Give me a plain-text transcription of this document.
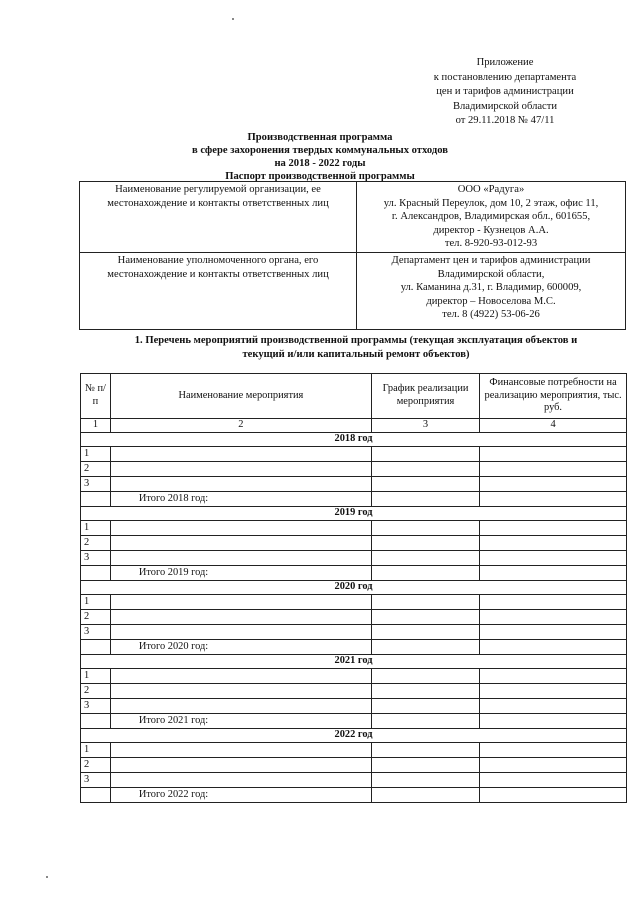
Приложение
к постановлению департамента
цен и тарифов администрации
Владимирской области
от 29.11.2018 № 47/11
Производственная программа
в сфере захоронения твердых коммунальных отходов
на 2018 - 2022 годы
Паспорт производственной программы
Наименование регулируемой организации, ее местонахождение и контакты ответственных лиц	ООО «Радуга»
ул. Красный Переулок, дом 10, 2 этаж, офис 11,
г. Александров, Владимирская обл., 601655,
директор - Кузнецов А.А.
тел. 8-920-93-012-93

Наименование уполномоченного органа, его местонахождение и контакты ответственных лиц	Департамент цен и тарифов администрации
Владимирской области,
ул. Каманина д.31, г. Владимир, 600009,
директор – Новоселова М.С.
тел. 8 (4922) 53-06-26
1. Перечень мероприятий производственной программы (текущая эксплуатация объектов и
текущий и/или капитальный ремонт объектов)
№ п/п	Наименование мероприятия	График реализации мероприятия	Финансовые потребности на реализацию мероприятия, тыс. руб.
1	2	3	4
2018 год			
1			
2			
3			
	Итого 2018 год:		
2019 год			
1			
2			
3			
	Итого 2019 год:		
2020 год			
1			
2			
3			
	Итого 2020 год:		
2021 год			
1			
2			
3			
	Итого 2021 год:		
2022 год			
1			
2			
3			
	Итого 2022 год:		
